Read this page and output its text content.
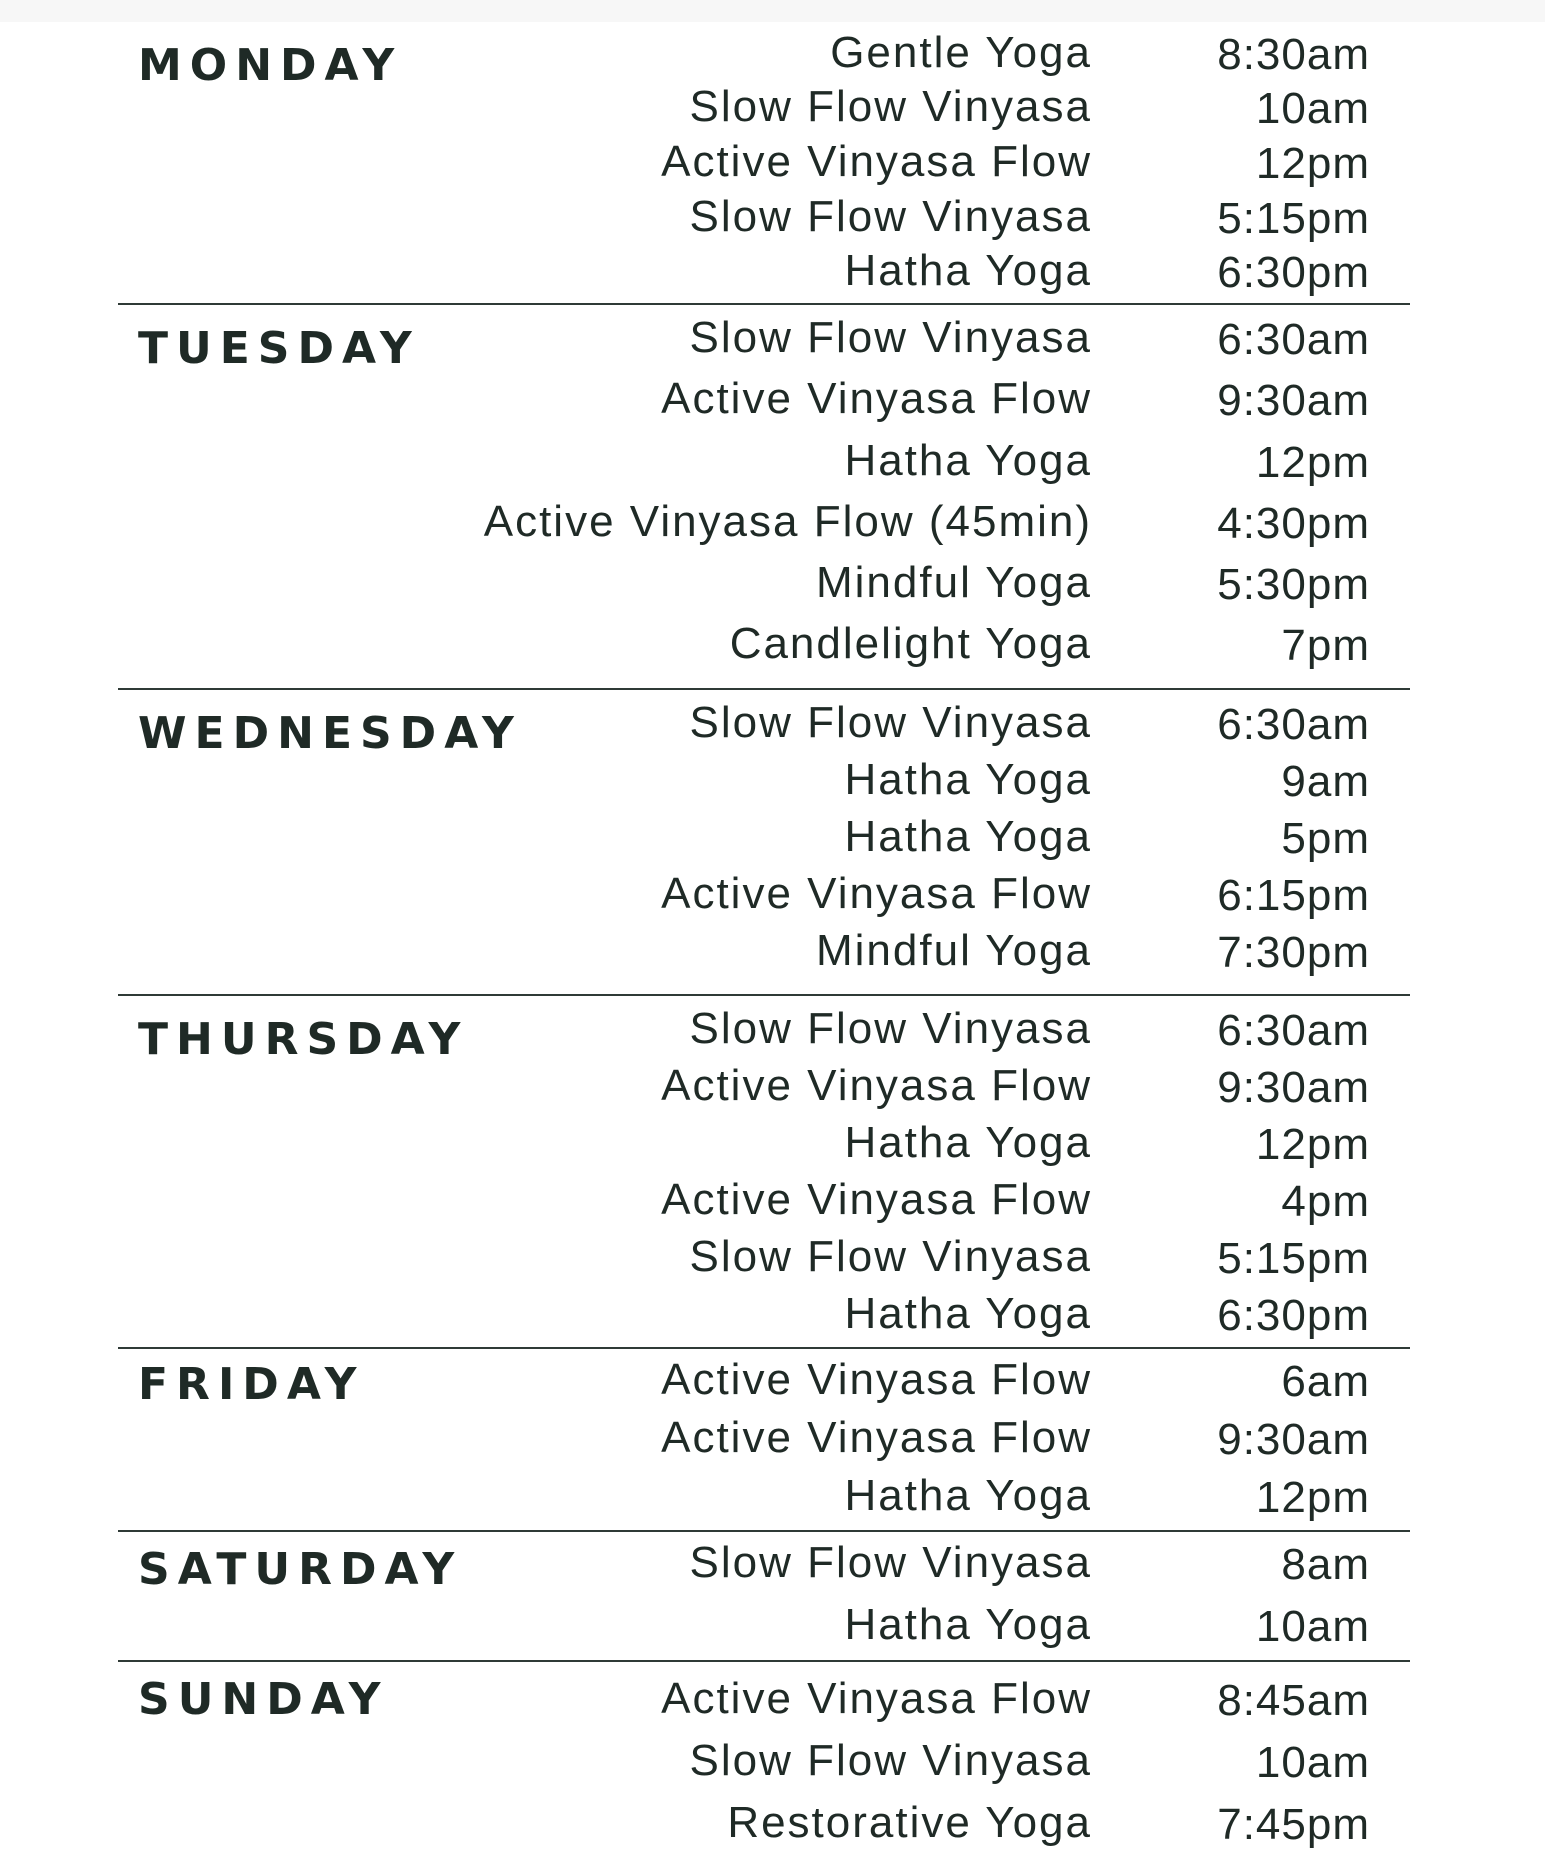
MONDAY	Gentle Yoga	8:30am
Slow Flow Vinyasa	10am
Active Vinyasa Flow	12pm
Slow Flow Vinyasa	5:15pm
Hatha Yoga	6:30pm
TUESDAY	Slow Flow Vinyasa	6:30am
Active Vinyasa Flow	9:30am
Hatha Yoga	12pm
Active Vinyasa Flow (45min)	4:30pm
Mindful Yoga	5:30pm
Candlelight Yoga	7pm
WEDNESDAY	Slow Flow Vinyasa	6:30am
Hatha Yoga	9am
Hatha Yoga	5pm
Active Vinyasa Flow	6:15pm
Mindful Yoga	7:30pm
THURSDAY	Slow Flow Vinyasa	6:30am
Active Vinyasa Flow	9:30am
Hatha Yoga	12pm
Active Vinyasa Flow	4pm
Slow Flow Vinyasa	5:15pm
Hatha Yoga	6:30pm
FRIDAY	Active Vinyasa Flow	6am
Active Vinyasa Flow	9:30am
Hatha Yoga	12pm
SATURDAY	Slow Flow Vinyasa	8am
Hatha Yoga	10am
SUNDAY	Active Vinyasa Flow	8:45am
Slow Flow Vinyasa	10am
Restorative Yoga	7:45pm
